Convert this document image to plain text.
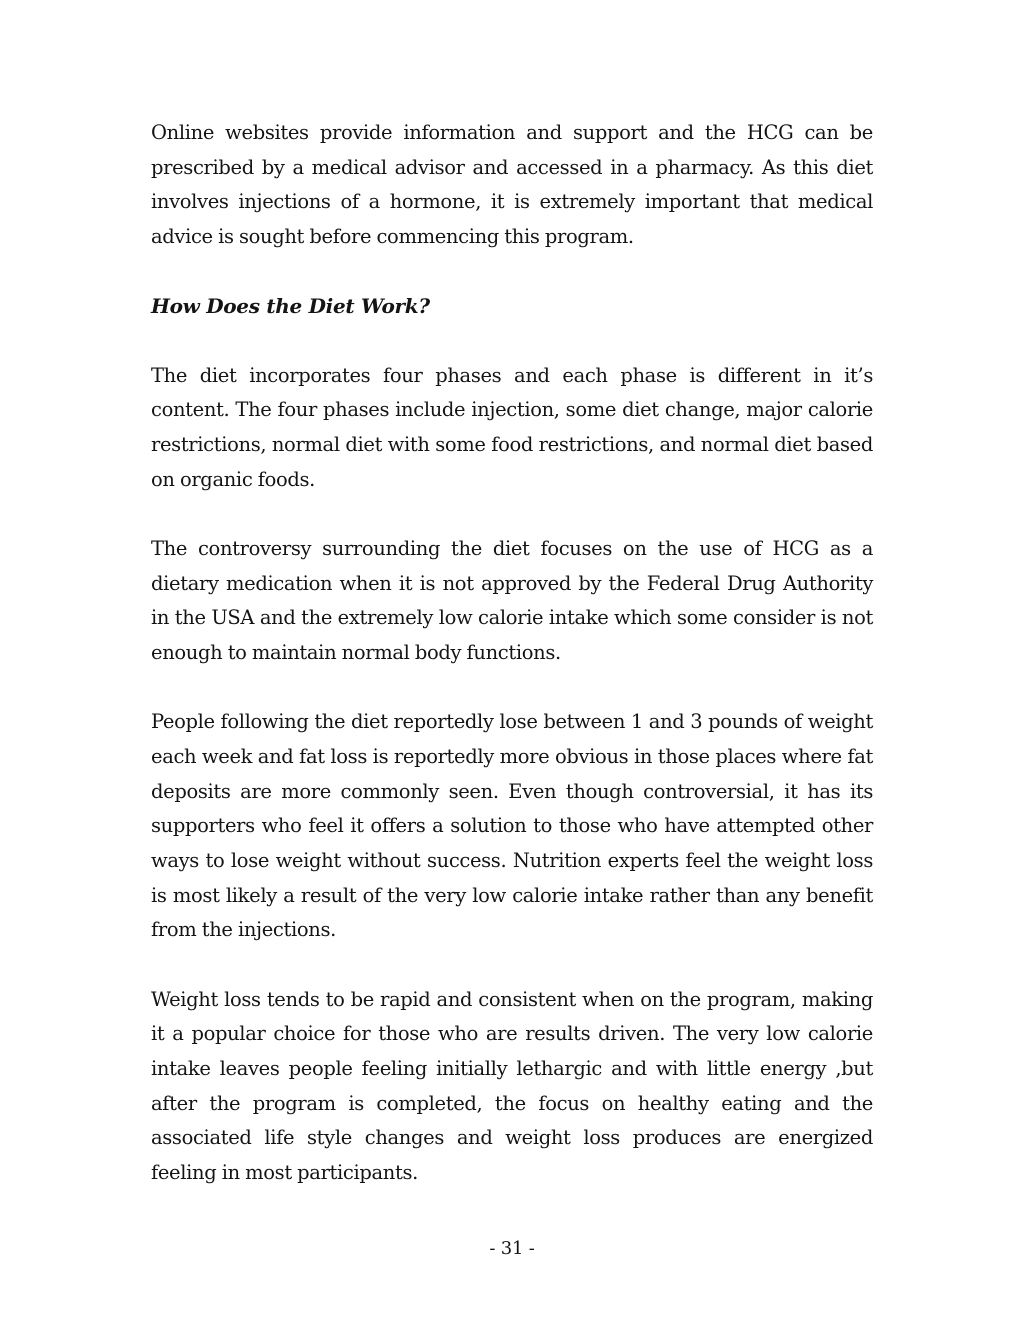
Online websites provide information and support and the HCG can be prescribed by a medical advisor and accessed in a pharmacy. As this diet involves injections of a hormone, it is extremely important that medical advice is sought before commencing this program.

How Does the Diet Work?

The diet incorporates four phases and each phase is different in it’s content. The four phases include injection, some diet change, major calorie restrictions, normal diet with some food restrictions, and normal diet based on organic foods.

The controversy surrounding the diet focuses on the use of HCG as a dietary medication when it is not approved by the Federal Drug Authority in the USA and the extremely low calorie intake which some consider is not enough to maintain normal body functions.

People following the diet reportedly lose between 1 and 3 pounds of weight each week and fat loss is reportedly more obvious in those places where fat deposits are more commonly seen. Even though controversial, it has its supporters who feel it offers a solution to those who have attempted other ways to lose weight without success. Nutrition experts feel the weight loss is most likely a result of the very low calorie intake rather than any benefit from the injections.

Weight loss tends to be rapid and consistent when on the program, making it a popular choice for those who are results driven. The very low calorie intake leaves people feeling initially lethargic and with little energy ,but after the program is completed, the focus on healthy eating and the associated life style changes and weight loss produces are energized feeling in most participants.

- 31 -
